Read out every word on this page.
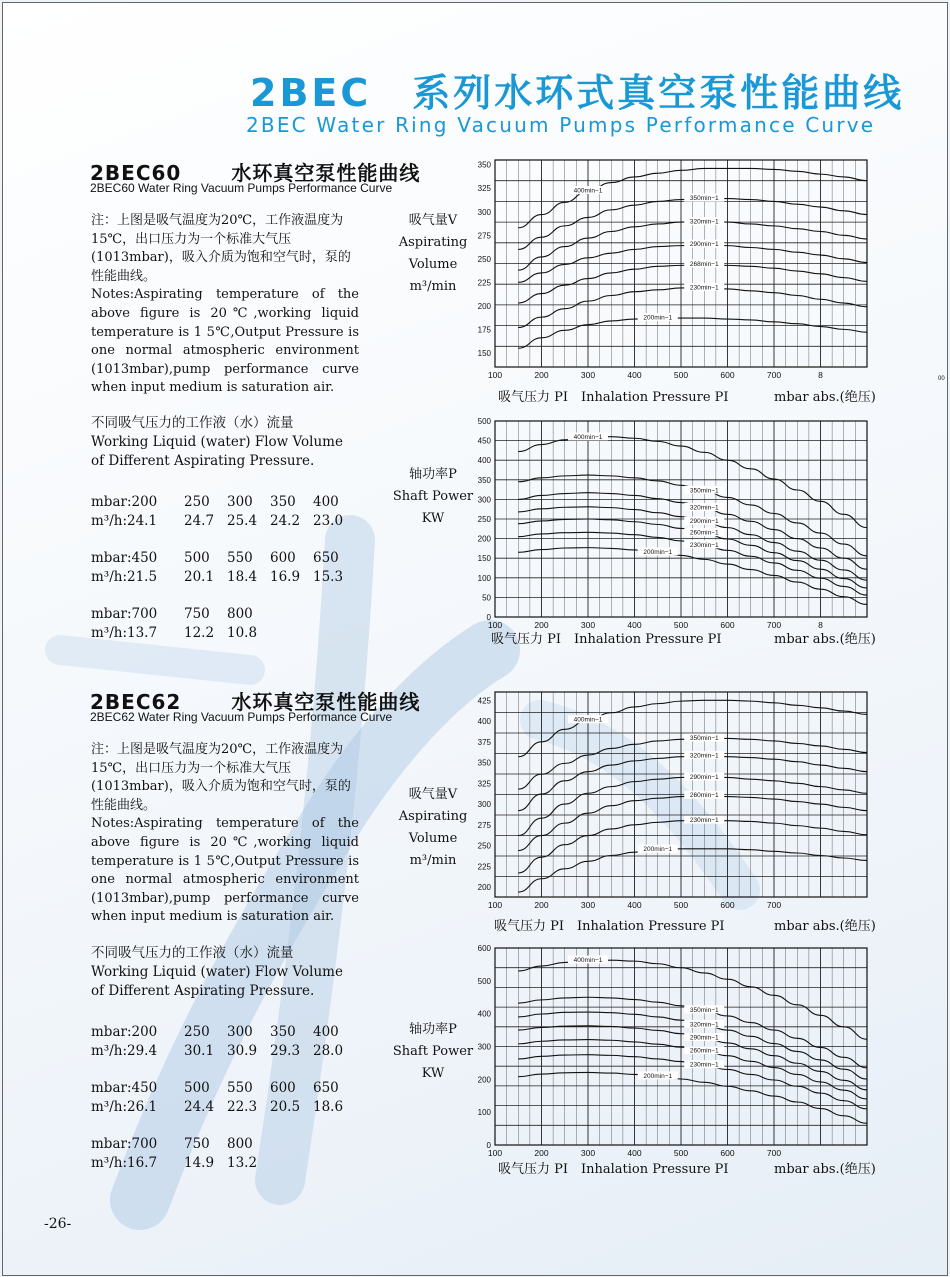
2BEC　系列水环式真空泵性能曲线
2BEC Water Ring Vacuum Pumps Performance Curve
00
2BEC60	水环真空泵性能曲线
2BEC60 Water Ring Vacuum Pumps Performance Curve

注：上图是吸气温度为20℃，工作液温度为15℃，出口压力为一个标准大气压(1013mbar)，吸入介质为饱和空气时，泵的性能曲线。

Notes:Aspirating temperature of the above figure is 20℃,working liquid temperature is 1 5℃,Output Pressure is one normal atmospheric environment (1013mbar),pump performance curve when input medium is saturation air.

不同吸气压力的工作液（水）流量

Working Liquid (water) Flow Volume

of Different Aspirating Pressure.

mbar:200	250	300	350	400
m³/h:24.1	24.7 25.4 24.2 23.0
mbar:450	500	550	600	650
m³/h:21.5	20.1 18.4 16.9 15.3
mbar:700	750	800
m³/h:13.7	12.2 10.8
吸气量V
Aspirating
Volume
m³/min
轴功率P
Shaft Power
KW
150
175
200
225
250
275
300
325
350
100	200	300	400	500	600	700	8
400min−1
350min−1
320min−1
290min−1
268min−1
230min−1
200min−1
吸气压力 PI　Inhalation Pressure PI	mbar abs.(绝压)
0
50
100
150
200
250
300
350
400
450
500
100	200	300	400	500	600	700	8
400min−1
350min−1
320min−1
290min−1
260min−1
230min−1
200min−1
吸气压力 PI　Inhalation Pressure PI	mbar abs.(绝压)
2BEC62	水环真空泵性能曲线
2BEC62 Water Ring Vacuum Pumps Performance Curve

注：上图是吸气温度为20℃，工作液温度为15℃，出口压力为一个标准大气压(1013mbar)，吸入介质为饱和空气时，泵的性能曲线。

Notes:Aspirating temperature of the above figure is 20℃,working liquid temperature is 1 5℃,Output Pressure is one normal atmospheric environment (1013mbar),pump performance curve when input medium is saturation air.

不同吸气压力的工作液（水）流量

Working Liquid (water) Flow Volume

of Different Aspirating Pressure.

mbar:200	250	300	350	400
m³/h:29.4	30.1 30.9 29.3 28.0
mbar:450	500	550	600	650
m³/h:26.1	24.4 22.3 20.5 18.6
mbar:700	750	800
m³/h:16.7	14.9 13.2
吸气量V
Aspirating
Volume
m³/min
轴功率P
Shaft Power
KW
200
225
250
275
300
325
350
375
400
425
100	200	300	400	500	600	700
400min−1
350min−1
320min−1
290min−1
260min−1
230min−1
200min−1
吸气压力 PI　Inhalation Pressure PI	mbar abs.(绝压)
0
100
200
300
400
500
600
100	200	300	400	500	600	700
400min−1
350min−1
320min−1
290min−1
260min−1
230min−1
200min−1
吸气压力 PI　Inhalation Pressure PI	mbar abs.(绝压)
-26-
